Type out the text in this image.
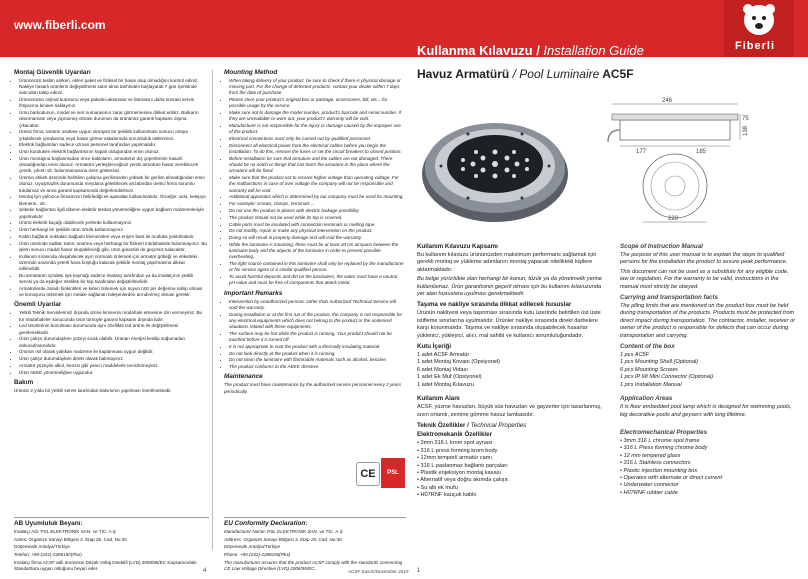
www.fiberli.com
Kullanma Kılavuzu / Installation Guide	Fiberli
Montaj Güvenlik Uyarıları
• Ürününüzü teslim alırken, ekleri paket ve fiziksel bir hasar olup olmadığını kontrol ediniz. Nakliye hasarlı ürünlerin değiştirilmesi satın alma tarihinden başlayarak 7 gün içerisinde satıcıdan talep ediniz.
• Ürününüzün orijinal kutusunu veya paketini,aksesuar ve faturasını daha sonraki servis ihtiyacına binaen saklayınız.
• Ürün barkodunun, model ve seri numarasının zarar görmemesine dikkat ediniz. Barkarın okunmaması veya yıpranmış olması durumun da ürününüz garanti kapsamı dışına çıkacaktır.
• Üretici firma, ürünün usulüne uygun olmayan bir şekilde kullanılması sonucu ortaya çıkabilecek yaralanma veya hasar görme vakalarında sorumluluk üstlenmez.
• Elektrik bağlantıları sadece uzman personel tarafından yapılmalıdır.
• Ürün kuruluken elektrik bağlantısının kapalı olduğundan emin olunuz.
• Ürün montajına başlanmadan önce kabloların, armatürün dış çeperlerinin hasarlı olmadığından emin olunuz. Armatürü yerleştireceğiniz yerde armatüre hasar verebilecek çentik, çıkıntı vb. bulunmamasına özen gösteriniz.
• Ürünün etiketi üzerinde belirtilen çalışma geriliminden yüksek bir gerilim almadığından emin olunuz. Uyuşmazlık durumunda meydana gelebilecek arızalardan üretici firma sorumlu tutulamaz ve arıza garanti kapsamında değerlendirilmez.
• Montaj için yalnızca firmamızın belirlediği ek aparatlar kullanılmalıdır. Örneğin: vida, kelepçe, klemens.. vb.
• Şebeke bağlantısı ilgili ülkenin elektrik tesisat yönetmeliğine uygun bağlantı malzemeleriyle yapılmalıdır.
• Ürünü elektrik kaçağı olabilecek yerlerde kullanmayınız.
• Ürün herhangi bir şekilde ürün örtülü kullanmayınız.
• Kablo bağlantı noktaları bağlantı klemensleri veya erişen bant ile mutlaka yalıtılmalıdır.
• Ürün üzerinde tadilat, tamir, onarma veya herhangi bir fiziksel müdahalede bulunmayınız. Bu işlem sonucu maddi hasar oluşabileceği gibi, ürün garantisi de geçersiz kalacaktır.
• Kullanım sırasında oluşabilecek ayın normalin önlemek için armatür göbeği ve etiketteki üzerinde arasında yeterli hava boşluğu kalacak şekilde montaj yapılmasına dikkat edilmelidir.
• Bu armatürün içindeki ışık kaynağı sadece imalatçı tarafından ya da imalatçının yetkili servisi ya da eşdeğer nitelikte bir kişi tarafından değiştirilmelidir.
• Armatürlerde zararlı birikintileri ve kirleri önlemek için suyun nötr pH değerine sahip olması ve konuşunu önlemek için metale sağlanan bileşenlerden arındırılmış olması gerekir.
Önemli Uyarılar
• Yetkili Teknik Servislerimiz dışında ürüne kimsenin müdahale etmesine izin vermeyiniz. Bu tür müdahaleler sonucunda ürün tümüyle garanti kapsamı dışında kalır.
• Led ürünlerinin bozulması durumunda aynı özellikte led ürünü ile değiştirilmesi gerekmektedir.
• Ürün çalışır durumdayken yüzeyi sıcak olabilir. Ürünün enerjisi kesilip soğumadan dokunulmamalıdır.
• Ürünün ısıl olarak yalıtkan malzeme ile kaplanması uygun değildir.
• Ürün çalışır durumdayken direkt olarak bakmayınız.
• Armatür yüzeyini alkol, benzin gibi yanıcı maddelerle temizlemeyiniz.
• Ürün AEEE yönetmeliğine uygundur.
Bakım

Ürünün 2 yılda bir yetkili servis tarafından bakımının yapılması önerilmektedir.

AB Uyumluluk Beyanı:

İmalatçı Adı: PSL ELEKTRONİK SAN. ve TİC. A.Ş

Adres: Organize Sanayi Bölgesi 3. Etap 25. Cad. No:30

Döşemealtı Antalya/Türkiye

Telefon: +90-(242)-2288150(Pbx)

İmalatçı firma ACSF adlı ürününün Düşük Voltaj Direktifi (LVD) 2006/95/EC Kapsamındaki Standartlara uygun olduğunu beyan eder.

Mounting Method
• When taking delivery of your product, be sure to check if there is physical damage or missing part. For the change of defected products, contact your dealer within 7 days from the date of purchase.
• Please store your product's original box or package, accessories, bill, etc... for possible usage by the service.
• Make sure not to damage the model number, product's barcode and serial number. If they are unreadable or worn out, your product's warranty will be void.
• Manufacturer is not responsible for the injury or damage caused by the improper use of the product.
• Electrical connections must only be carried out by qualified personnel.
• Disconnect all electrical power from the electrical cables before you begin the installation. To do this, remove the fuses or set the circuit breakers to closed position.
• Before installation be sure that armature and the cables are not damaged. There should be no notch or things that can harm the armature in the place where the armature will be fixed.
• Make sure that the product not to receive higher voltage than operating voltage. For the malfunctions in case of over voltage the company will not be responsible and warranty will be void.
• Additional apparatus which is determined by our company must be used for mounting.
• For example: screws, clamps, terminals ...
• Do not use the product in places with electric leakage possibility.
• The product should not be used while its top is covered.
• Cable ports must be insulated with connection terminals or melting tape.
• Do not modify, repair or make any physical intervention on the product.
• Doing so will result in property damage and will void the warranty.
• While the luminaire is mounting, there must be at least 20 cm airspace between the luminaire body and the objects of the luminaire in order to prevent possible overheating.
• The light source contained in this luminaire shall only be replaced by the manufacturer or his service agent or a similar qualified person.
• To avoid harmful deposits and dirt on the luminaires, the water must have a neutral pH value and must be free of components that attack metal.
Important Remarks
• Intervention by unauthorized persons rather than Authorized Technical Service will void the warranty.
• During installation or at the first run of the product, the company is not responsible for any electrical equipments which does not belong to the product or the undesired situations related with these equipments.
• The surface may be hot while the product is running. Your product should not be touched before it is turned off.
• It is not appropriate to coat the product with a thermally insulating material.
• Do not look directly at the product when it is running.
• Do not clean the luminaire with flammable materials such as alcohol, benzine.
• The product conforms to the AEEE directive.
Maintenance

The product must have maintenance by the authorized service personnel every 2 years periodically.

CE PSL
EU Conformity Declaration:

Manufacturer Name: PSL ELEKTRONİK SAN. ve TİC. A.Ş

Address: Organize Sanayi Bölgesi 3. Etap 25. Cad. No:30

Döşemealtı Antalya/Türkiye

Phone: +90-(242)-2288150(Pbx)

The manufacturer assures that the product ACSF comply with the standards concerning CE Low Voltage Directive (LVD) 2006/95/EC.

4	ACSF Kasım/November 2019 1
Havuz Armatürü / Pool Luminaire AC5F
246
177	185
75
138
220
Kullanım Kılavuzu Kapsamı

Bu kullanım kılavuzu ürününüzden maksimum performans sağlamak için gerekli montaj ve yükleme adımlarını montaj yapacak nitelikteki kişilere aktarmaktadır.

Bu belge yürürlükte olan herhangi bir kanun, tüzük ya da yönetmelik yerine kullanılamaz. Ürün garantisinin geçerli olması için bu kullanım kılavuzunda yer alan hususlara uyulması gerekmektedir.

Taşıma ve nakliye sırasında dikkat edilecek hususlar

Ürünün nakliyesi veya taşınması sırasında kutu üzerinde belirtilen üst üste istifleme sınırlarına uyulmalıdır. Ürünler nakliye sırasında direkt darbelere karşı korunmalıdır. Taşıma ve nakliye sırasında oluşabilecek hasarlar yüklenici, yükleyici, alıcı, mal sahibi ve kullanıcı sorumluluğundadır.

Kutu İçeriği

1 adet AC5F Armatür

1 adet Montaj Kovanı (Opsiyonel)

6 adet Montaj Vidası

1 adet Ek Muf (Opsiyonel)

1 adet Montaj Kılavuzu

Kullanım Alanı

ACSF, yüzme havuzları, büyük süs havuzları ve gayzerler için tasarlanmış, sıvın ortamlı, zemine gömme havuz lambasıdır.

Teknik Özellikler / Technical Properties
Elektromekanik Özellikler

• 3mm 316 L krom spot aynası

• 316 L press forming krom body

• 12mm temperli armatür camı

• 316 L paslanmaz bağlantı parçaları

• Plastik enjeksiyon montaj kasası

• Alternatif veya doğru akımda çalışır.

• Su altı ek mufu

• H07RNF kauçuk kablo

Scope of Instruction Manual

The purpose of this user manual is to explain the steps to qualified persons for the installation the product to assure peak performance.

This document can not be used as a substitute for any eligible code, law or regulation. For the warranty to be valid, instructions in the manual must strictly be obeyed.

Carrying and transportation facts

The piling limits that are mentioned on the product box must be held during transportation of the products. Products must be protected from direct impact during transportation. The contractor, installer, receiver or owner of the product is responsible for defects that can occur during transportation and carrying.

Content of the box

1 pcs AC5F

1 pcs Mounting Shell (Optional)

6 pcs Mounting Screws

1 pcs IP 68 Mini Connector (Optional)

1 pcs Installation Manual

Application Areas

It is floor embedded pool lamp which is designed for swimming pools, big decorative pools and geysers with long lifetime.

Electromechanical Properties

• 3mm 316 L chrome spot frame

• 316 L Press forming chrome body

• 12 mm tempered glass

• 316 L Stainless connectors

• Plastic injection mounting box

• Operates with alternate or direct current

• Underwater connector

• H07RNF rubber cable
